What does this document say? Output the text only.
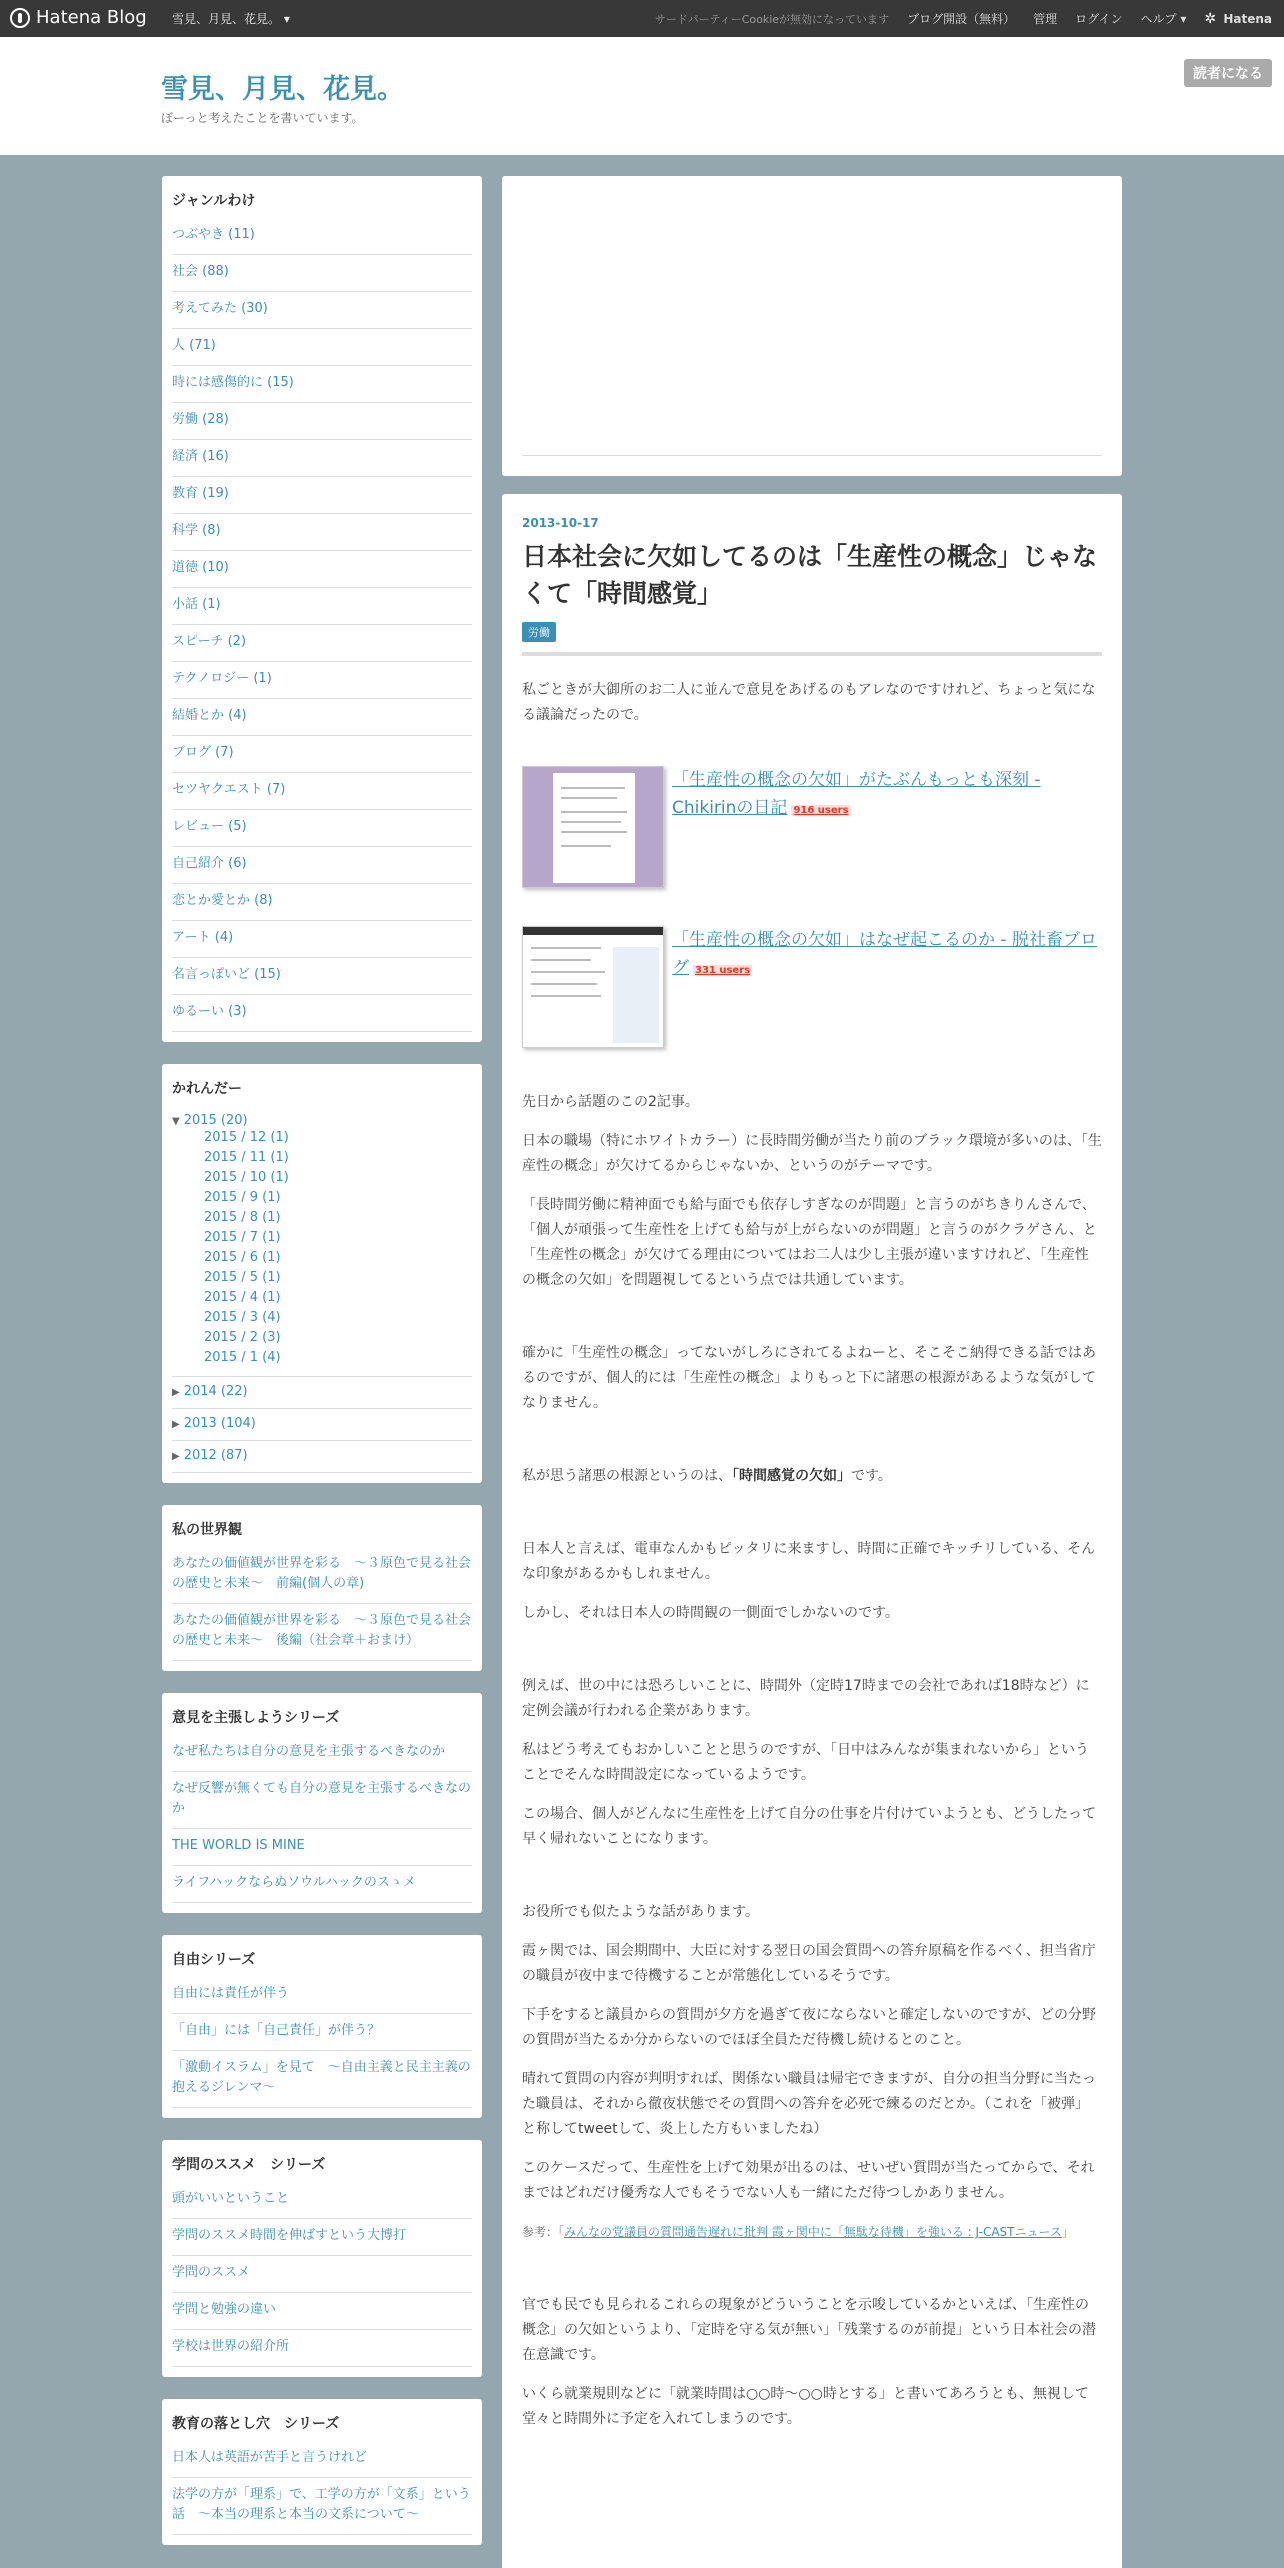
Hatena Blog 雪見、月見、花見。 ▾	サードパーティーCookieが無効になっています ブログ開設（無料） 管理 ログイン ヘルプ ▾ ✲ Hatena
雪見、月見、花見。
ぼーっと考えたことを書いています。
読者になる
ジャンルわけ
つぶやき (11)
社会 (88)
考えてみた (30)
人 (71)
時には感傷的に (15)
労働 (28)
経済 (16)
教育 (19)
科学 (8)
道徳 (10)
小話 (1)
スピーチ (2)
テクノロジー (1)
結婚とか (4)
ブログ (7)
セツヤクエスト (7)
レビュー (5)
自己紹介 (6)
恋とか愛とか (8)
アート (4)
名言っぽいど (15)
ゆるーい (3)
かれんだー
▼ 2015 (20)
2015 / 12 (1)
2015 / 11 (1)
2015 / 10 (1)
2015 / 9 (1)
2015 / 8 (1)
2015 / 7 (1)
2015 / 6 (1)
2015 / 5 (1)
2015 / 4 (1)
2015 / 3 (4)
2015 / 2 (3)
2015 / 1 (4)
▶ 2014 (22)
▶ 2013 (104)
▶ 2012 (87)
私の世界観
あなたの価値観が世界を彩る　～３原色で見る社会の歴史と未来～　前編(個人の章)
あなたの価値観が世界を彩る　～３原色で見る社会の歴史と未来～　後編（社会章＋おまけ）
意見を主張しようシリーズ
なぜ私たちは自分の意見を主張するべきなのか
なぜ反響が無くても自分の意見を主張するべきなのか
THE WORLD IS MINE
ライフハックならぬソウルハックのスゝメ
自由シリーズ
自由には責任が伴う
「自由」には「自己責任」が伴う？
「激動イスラム」を見て　～自由主義と民主主義の抱えるジレンマ～
学問のススメ　シリーズ
頭がいいということ
学問のススメ時間を伸ばすという大博打
学問のススメ
学問と勉強の違い
学校は世界の紹介所
教育の落とし穴　シリーズ
日本人は英語が苦手と言うけれど
法学の方が「理系」で、工学の方が「文系」という話　～本当の理系と本当の文系について～
2013-10-17
日本社会に欠如してるのは「生産性の概念」じゃなくて「時間感覚」
労働

私ごときが大御所のお二人に並んで意見をあげるのもアレなのですけれど、ちょっと気になる議論だったので。

「生産性の概念の欠如」がたぶんもっとも深刻 - Chikirinの日記 916 users
「生産性の概念の欠如」はなぜ起こるのか - 脱社畜ブログ 331 users

先日から話題のこの2記事。

日本の職場（特にホワイトカラー）に長時間労働が当たり前のブラック環境が多いのは、「生産性の概念」が欠けてるからじゃないか、というのがテーマです。

「長時間労働に精神面でも給与面でも依存しすぎなのが問題」と言うのがちきりんさんで、「個人が頑張って生産性を上げても給与が上がらないのが問題」と言うのがクラゲさん、と「生産性の概念」が欠けてる理由についてはお二人は少し主張が違いますけれど、「生産性の概念の欠如」を問題視してるという点では共通しています。

確かに「生産性の概念」ってないがしろにされてるよねーと、そこそこ納得できる話ではあるのですが、個人的には「生産性の概念」よりもっと下に諸悪の根源があるような気がしてなりません。

私が思う諸悪の根源というのは、「時間感覚の欠如」です。

日本人と言えば、電車なんかもピッタリに来ますし、時間に正確でキッチリしている、そんな印象があるかもしれません。

しかし、それは日本人の時間観の一側面でしかないのです。

例えば、世の中には恐ろしいことに、時間外（定時17時までの会社であれば18時など）に定例会議が行われる企業があります。

私はどう考えてもおかしいことと思うのですが、「日中はみんなが集まれないから」ということでそんな時間設定になっているようです。

この場合、個人がどんなに生産性を上げて自分の仕事を片付けていようとも、どうしたって早く帰れないことになります。

お役所でも似たような話があります。

霞ヶ関では、国会期間中、大臣に対する翌日の国会質問への答弁原稿を作るべく、担当省庁の職員が夜中まで待機することが常態化しているそうです。

下手をすると議員からの質問が夕方を過ぎて夜にならないと確定しないのですが、どの分野の質問が当たるか分からないのでほぼ全員ただ待機し続けるとのこと。

晴れて質問の内容が判明すれば、関係ない職員は帰宅できますが、自分の担当分野に当たった職員は、それから徹夜状態でその質問への答弁を必死で練るのだとか。（これを「被弾」と称してtweetして、炎上した方もいましたね）

このケースだって、生産性を上げて効果が出るのは、せいぜい質問が当たってからで、それまではどれだけ優秀な人でもそうでない人も一緒にただ待つしかありません。

参考：「みんなの党議員の質問通告遅れに批判 霞ヶ関中に「無駄な待機」を強いる : J-CASTニュース」

官でも民でも見られるこれらの現象がどういうことを示唆しているかといえば、「生産性の概念」の欠如というより、「定時を守る気が無い」「残業するのが前提」という日本社会の潜在意識です。

いくら就業規則などに「就業時間は○○時～○○時とする」と書いてあろうとも、無視して堂々と時間外に予定を入れてしまうのです。
